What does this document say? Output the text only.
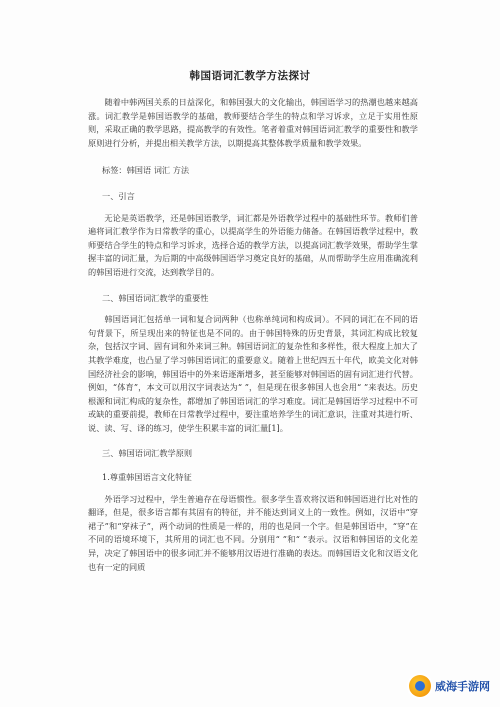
韩国语词汇教学方法探讨

随着中韩两国关系的日益深化，和韩国强大的文化输出，韩国语学习的热潮也越来越高涨。词汇教学是韩国语教学的基础，教师要结合学生的特点和学习诉求，立足于实用性原则，采取正确的教学思路，提高教学的有效性。笔者着重对韩国语词汇教学的重要性和教学原则进行分析，并提出相关教学方法，以期提高其整体教学质量和教学效果。

标签：韩国语 词汇 方法
一、引言

无论是英语教学，还是韩国语教学，词汇都是外语教学过程中的基础性环节。教师们普遍将词汇教学作为日常教学的重心，以提高学生的外语能力储备。在韩国语教学过程中，教师要结合学生的特点和学习诉求，选择合适的教学方法，以提高词汇教学效果，帮助学生掌握丰富的词汇量，为后期的中高级韩国语学习奠定良好的基础，从而帮助学生应用准确流利的韩国语进行交流，达到教学目的。

二、韩国语词汇教学的重要性

韩国语词汇包括单一词和复合词两种（也称单纯词和构成词）。不同的词汇在不同的语句背景下，所呈现出来的特征也是不同的。由于韩国特殊的历史背景，其词汇构成比较复杂，包括汉字词、固有词和外来词三种。韩国语词汇的复杂性和多样性，很大程度上加大了其教学难度，也凸显了学习韩国语词汇的重要意义。随着上世纪四五十年代，欧美文化对韩国经济社会的影响，韩国语中的外来语逐渐增多，甚至能够对韩国语的固有词汇进行代替。例如，“体育”，本文可以用汉字词表达为“ ”，但是现在很多韩国人也会用“ ”来表达。历史根源和词汇构成的复杂性，都增加了韩国语词汇的学习难度。词汇是韩国语学习过程中不可或缺的重要前提，教师在日常教学过程中，要注重培养学生的词汇意识，注重对其进行听、说、读、写、译的练习，使学生积累丰富的词汇量[1]。

三、韩国语词汇教学原则
1.尊重韩国语言文化特征

外语学习过程中，学生普遍存在母语惯性。很多学生喜欢将汉语和韩国语进行比对性的翻译，但是，很多语言都有其固有的特征，并不能达到词义上的一致性。例如，汉语中“穿裙子”和“穿袜子”，两个动词的性质是一样的，用的也是同一个字。但是韩国语中，“穿”在不同的语境环境下，其所用的词汇也不同。分别用“ ”和“ ”表示。汉语和韩国语的文化差异，决定了韩国语中的很多词汇并不能够用汉语进行准确的表达。而韩国语文化和汉语文化也有一定的同质

威海手游网
